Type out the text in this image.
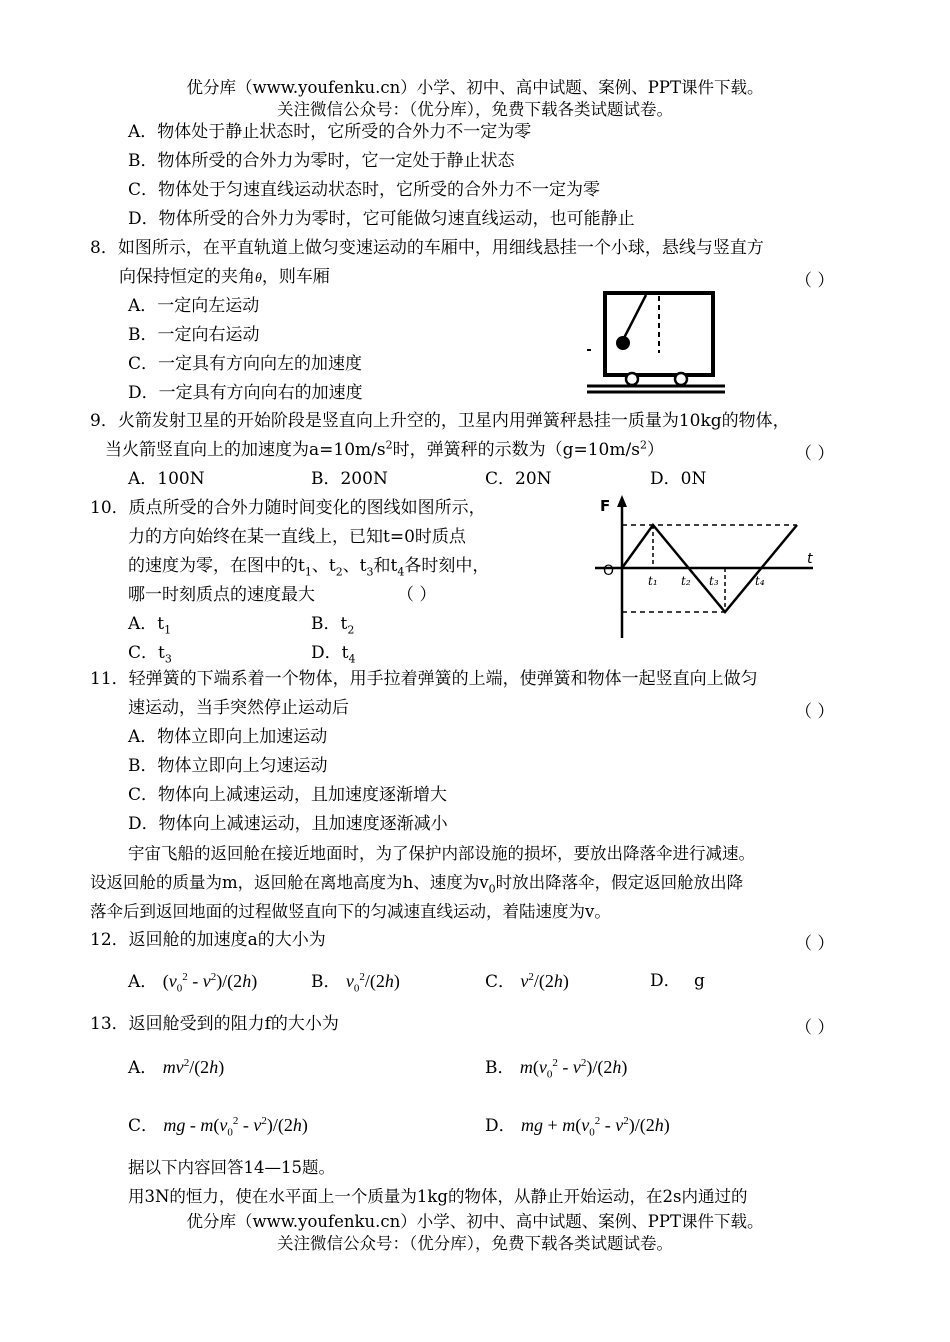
优分库（www.youfenku.cn）小学、初中、高中试题、案例、PPT课件下载。
关注微信公众号：（优分库），免费下载各类试题试卷。
A．物体处于静止状态时，它所受的合外力不一定为零
B．物体所受的合外力为零时，它一定处于静止状态
C．物体处于匀速直线运动状态时，它所受的合外力不一定为零
D．物体所受的合外力为零时，它可能做匀速直线运动，也可能静止
8．如图所示，在平直轨道上做匀变速运动的车厢中，用细线悬挂一个小球，悬线与竖直方
向保持恒定的夹角θ，则车厢	（ ）
A．一定向左运动
B．一定向右运动
C．一定具有方向向左的加速度
D．一定具有方向向右的加速度
9．火箭发射卫星的开始阶段是竖直向上升空的，卫星内用弹簧秤悬挂一质量为10kg的物体，
当火箭竖直向上的加速度为$a=10m/s^2$时，弹簧秤的示数为$(g=10m/s^2)$	（ ）
A．100N	B．200N	C．20N	D．0N
10．质点所受的合外力随时间变化的图线如图所示，
力的方向始终在某一直线上，已知t=0时质点
的速度为零，在图中的$t_1$、$t_2$、$t_3$和$t_4$各时刻中，
哪一时刻质点的速度最大	（ ）
A．$t_1$	B．$t_2$
C．$t_3$	D．$t_4$
F
O
t
t₁ t₂ t₃	t₄
11．轻弹簧的下端系着一个物体，用手拉着弹簧的上端，使弹簧和物体一起竖直向上做匀
速运动，当手突然停止运动后	（ ）
A．物体立即向上加速运动
B．物体立即向上匀速运动
C．物体向上减速运动，且加速度逐渐增大
D．物体向上减速运动，且加速度逐渐减小
宇宙飞船的返回舱在接近地面时，为了保护内部设施的损坏，要放出降落伞进行减速。
设返回舱的质量为m，返回舱在离地高度为h、速度为$v_0$时放出降落伞，假定返回舱放出降
落伞后到返回地面的过程做竖直向下的匀减速直线运动，着陆速度为v。
12．返回舱的加速度a的大小为	（ ）
A． $(v_0^2 - v^2)/(2h)$	B． $v_0^2/(2h)$	C． $v^2/(2h)$	D． g
13．返回舱受到的阻力f的大小为	（ ）
A． $mv^2/(2h)$	B． $m(v_0^2 - v^2)/(2h)$
C． mg - $m(v_0^2 - v^2)/(2h)$	D． mg + $m(v_0^2 - v^2)/(2h)$
据以下内容回答14—15题。
用3N的恒力，使在水平面上一个质量为1kg的物体，从静止开始运动，在2s内通过的
优分库（www.youfenku.cn）小学、初中、高中试题、案例、PPT课件下载。
关注微信公众号：（优分库），免费下载各类试题试卷。
